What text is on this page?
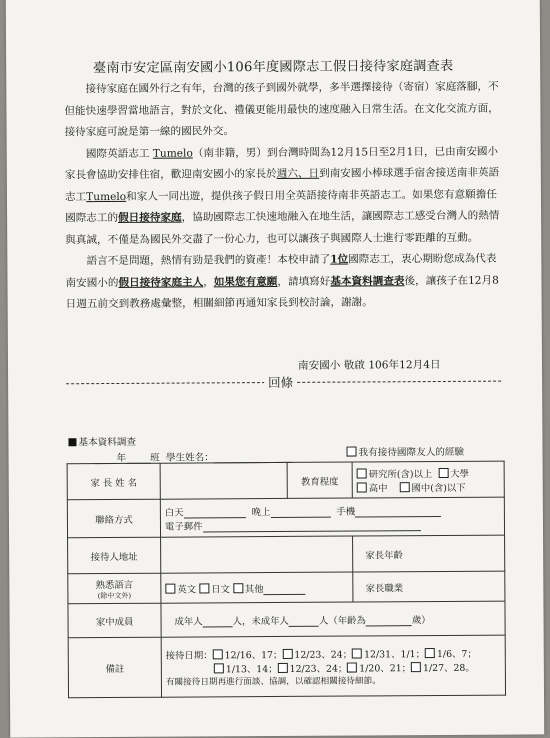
臺南市安定區南安國小106年度國際志工假日接待家庭調查表

接待家庭在國外行之有年，台灣的孩子到國外就學，多半選擇接待（寄宿）家庭落腳，不但能快速學習當地語言，對於文化、禮儀更能用最快的速度融入日常生活。在文化交流方面，接待家庭可說是第一線的國民外交。

國際英語志工 Tumelo（南非籍，男）到台灣時間為12月15日至2月1日，已由南安國小家長會協助安排住宿，歡迎南安國小的家長於週六、日到南安國小棒球選手宿舍接送南非英語志工Tumelo和家人一同出遊，提供孩子假日用全英語接待南非英語志工。如果您有意願擔任國際志工的假日接待家庭，協助國際志工快速地融入在地生活，讓國際志工感受台灣人的熱情與真誠，不僅是為國民外交盡了一份心力，也可以讓孩子與國際人士進行零距離的互動。

語言不是問題，熱情有勁是我們的資產！本校申請了1位國際志工，衷心期盼您成為代表南安國小的假日接待家庭主人，如果您有意願，請填寫好基本資料調查表後，讓孩子在12月8日週五前交到教務處彙整，相關細節再通知家長到校討論，謝謝。

南安國小 敬啟 106年12月4日
回條
基本資料調查
我有接待國際友人的經驗
年 班 學生姓名：
家 長 姓 名		教育程度	研究所(含)以上 大學
高中 國中(含)以下

聯絡方式	白天 晚上 手機
電子郵件		

接待人地址			家長年齡

熟悉語言
(除中文外)	英文 日文 其他		家長職業
家中成員	成年人 人，未成年人 人（年齡為 歲）		
備註	接待日期： 12/16、17； 12/23、24； 12/31、1/1； 1/6、7；
1/13、14； 12/23、24； 1/20、21； 1/27、28。
有關接待日期再進行面談、協調，以確認相關接待細節。		
